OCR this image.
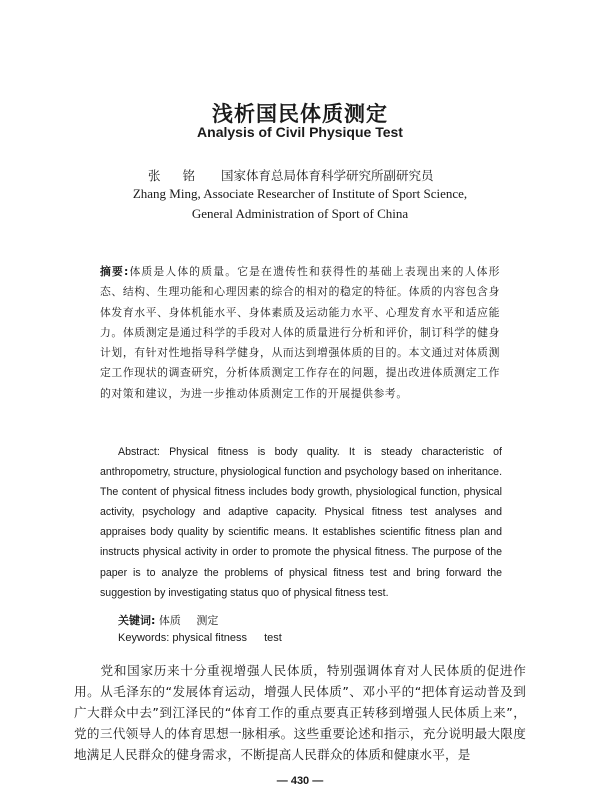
浅析国民体质测定
Analysis of Civil Physique Test
张铭 国家体育总局体育科学研究所副研究员
Zhang Ming, Associate Researcher of Institute of Sport Science,
General Administration of Sport of China
摘要:体质是人体的质量。它是在遗传性和获得性的基础上表现出来的人体形态、结构、生理功能和心理因素的综合的相对的稳定的特征。体质的内容包含身体发育水平、身体机能水平、身体素质及运动能力水平、心理发育水平和适应能力。体质测定是通过科学的手段对人体的质量进行分析和评价，制订科学的健身计划，有针对性地指导科学健身，从而达到增强体质的目的。本文通过对体质测定工作现状的调查研究，分析体质测定工作存在的问题，提出改进体质测定工作的对策和建议，为进一步推动体质测定工作的开展提供参考。
Abstract: Physical fitness is body quality. It is steady characteristic of anthropometry, structure, physiological function and psychology based on inheritance. The content of physical fitness includes body growth, physiological function, physical activity, psychology and adaptive capacity. Physical fitness test analyses and appraises body quality by scientific means. It establishes scientific fitness plan and instructs physical activity in order to promote the physical fitness. The purpose of the paper is to analyze the problems of physical fitness test and bring forward the suggestion by investigating status quo of physical fitness test.
关键词: 体质 测定
Keywords: physical fitness test
党和国家历来十分重视增强人民体质，特别强调体育对人民体质的促进作用。从毛泽东的“发展体育运动，增强人民体质”、邓小平的“把体育运动普及到广大群众中去”到江泽民的“体育工作的重点要真正转移到增强人民体质上来”，党的三代领导人的体育思想一脉相承。这些重要论述和指示，充分说明最大限度地满足人民群众的健身需求，不断提高人民群众的体质和健康水平，是
— 430 —
